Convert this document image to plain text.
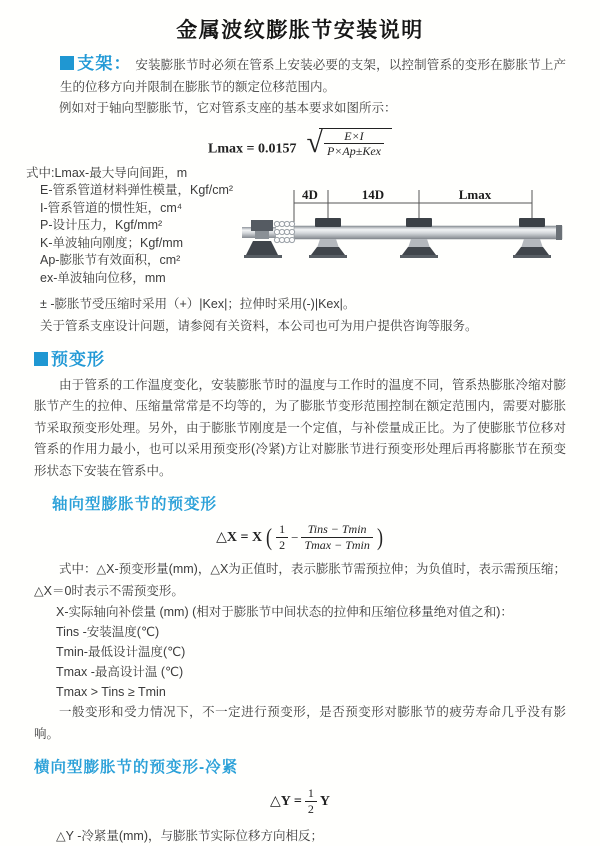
金属波纹膨胀节安装说明

支架： 安装膨胀节时必须在管系上安装必要的支架，以控制管系的变形在膨胀节上产生的位移方向并限制在膨胀节的额定位移范围内。

例如对于轴向型膨胀节，它对管系支座的基本要求如图所示：

Lmax = 0.0157 √ $\frac{E\times I}{\text{P×Ap±Kex}}$
式中:Lmax-最大导向间距，m
E-管系管道材料弹性模量，Kgf/cm²
I-管系管道的惯性矩，cm⁴
P-设计压力，Kgf/mm²
K-单波轴向刚度；Kgf/mm
Ap-膨胀节有效面积，cm²
ex-单波轴向位移，mm
4D	14D	Lmax
± -膨胀节受压缩时采用（+）|Kex|；拉伸时采用(-)|Kex|。
关于管系支座设计问题，请参阅有关资料，本公司也可为用户提供咨询等服务。
预变形

由于管系的工作温度变化，安装膨胀节时的温度与工作时的温度不同，管系热膨胀冷缩对膨胀节产生的拉伸、压缩量常常是不均等的，为了膨胀节变形范围控制在额定范围内，需要对膨胀节采取预变形处理。另外，由于膨胀节刚度是一个定值，与补偿量成正比。为了使膨胀节位移对管系的作用力最小，也可以采用预变形(冷紧)方让对膨胀节进行预变形处理后再将膨胀节在预变形状态下安装在管系中。

轴向型膨胀节的预变形
△X = X ( $\frac{1}{2} - \frac{\text{Tins − Tmin}}{Tmax - Tmin}$ )

式中：△X-预变形量(mm)，△X为正值时，表示膨胀节需预拉伸；为负值时，表示需预压缩；△X＝0时表示不需预变形。

X-实际轴向补偿量 (mm) (相对于膨胀节中间状态的拉伸和压缩位移量绝对值之和)：
Tins -安装温度(℃)
Tmin-最低设计温度(℃)
Tmax -最高设计温 (℃)
Tmax > Tins ≥ Tmin

一般变形和受力情况下，不一定进行预变形，是否预变形对膨胀节的疲劳寿命几乎没有影响。

横向型膨胀节的预变形-冷紧
△Y = $\frac{1}{2}$ Y
△Y -冷紧量(mm)，与膨胀节实际位移方向相反；
